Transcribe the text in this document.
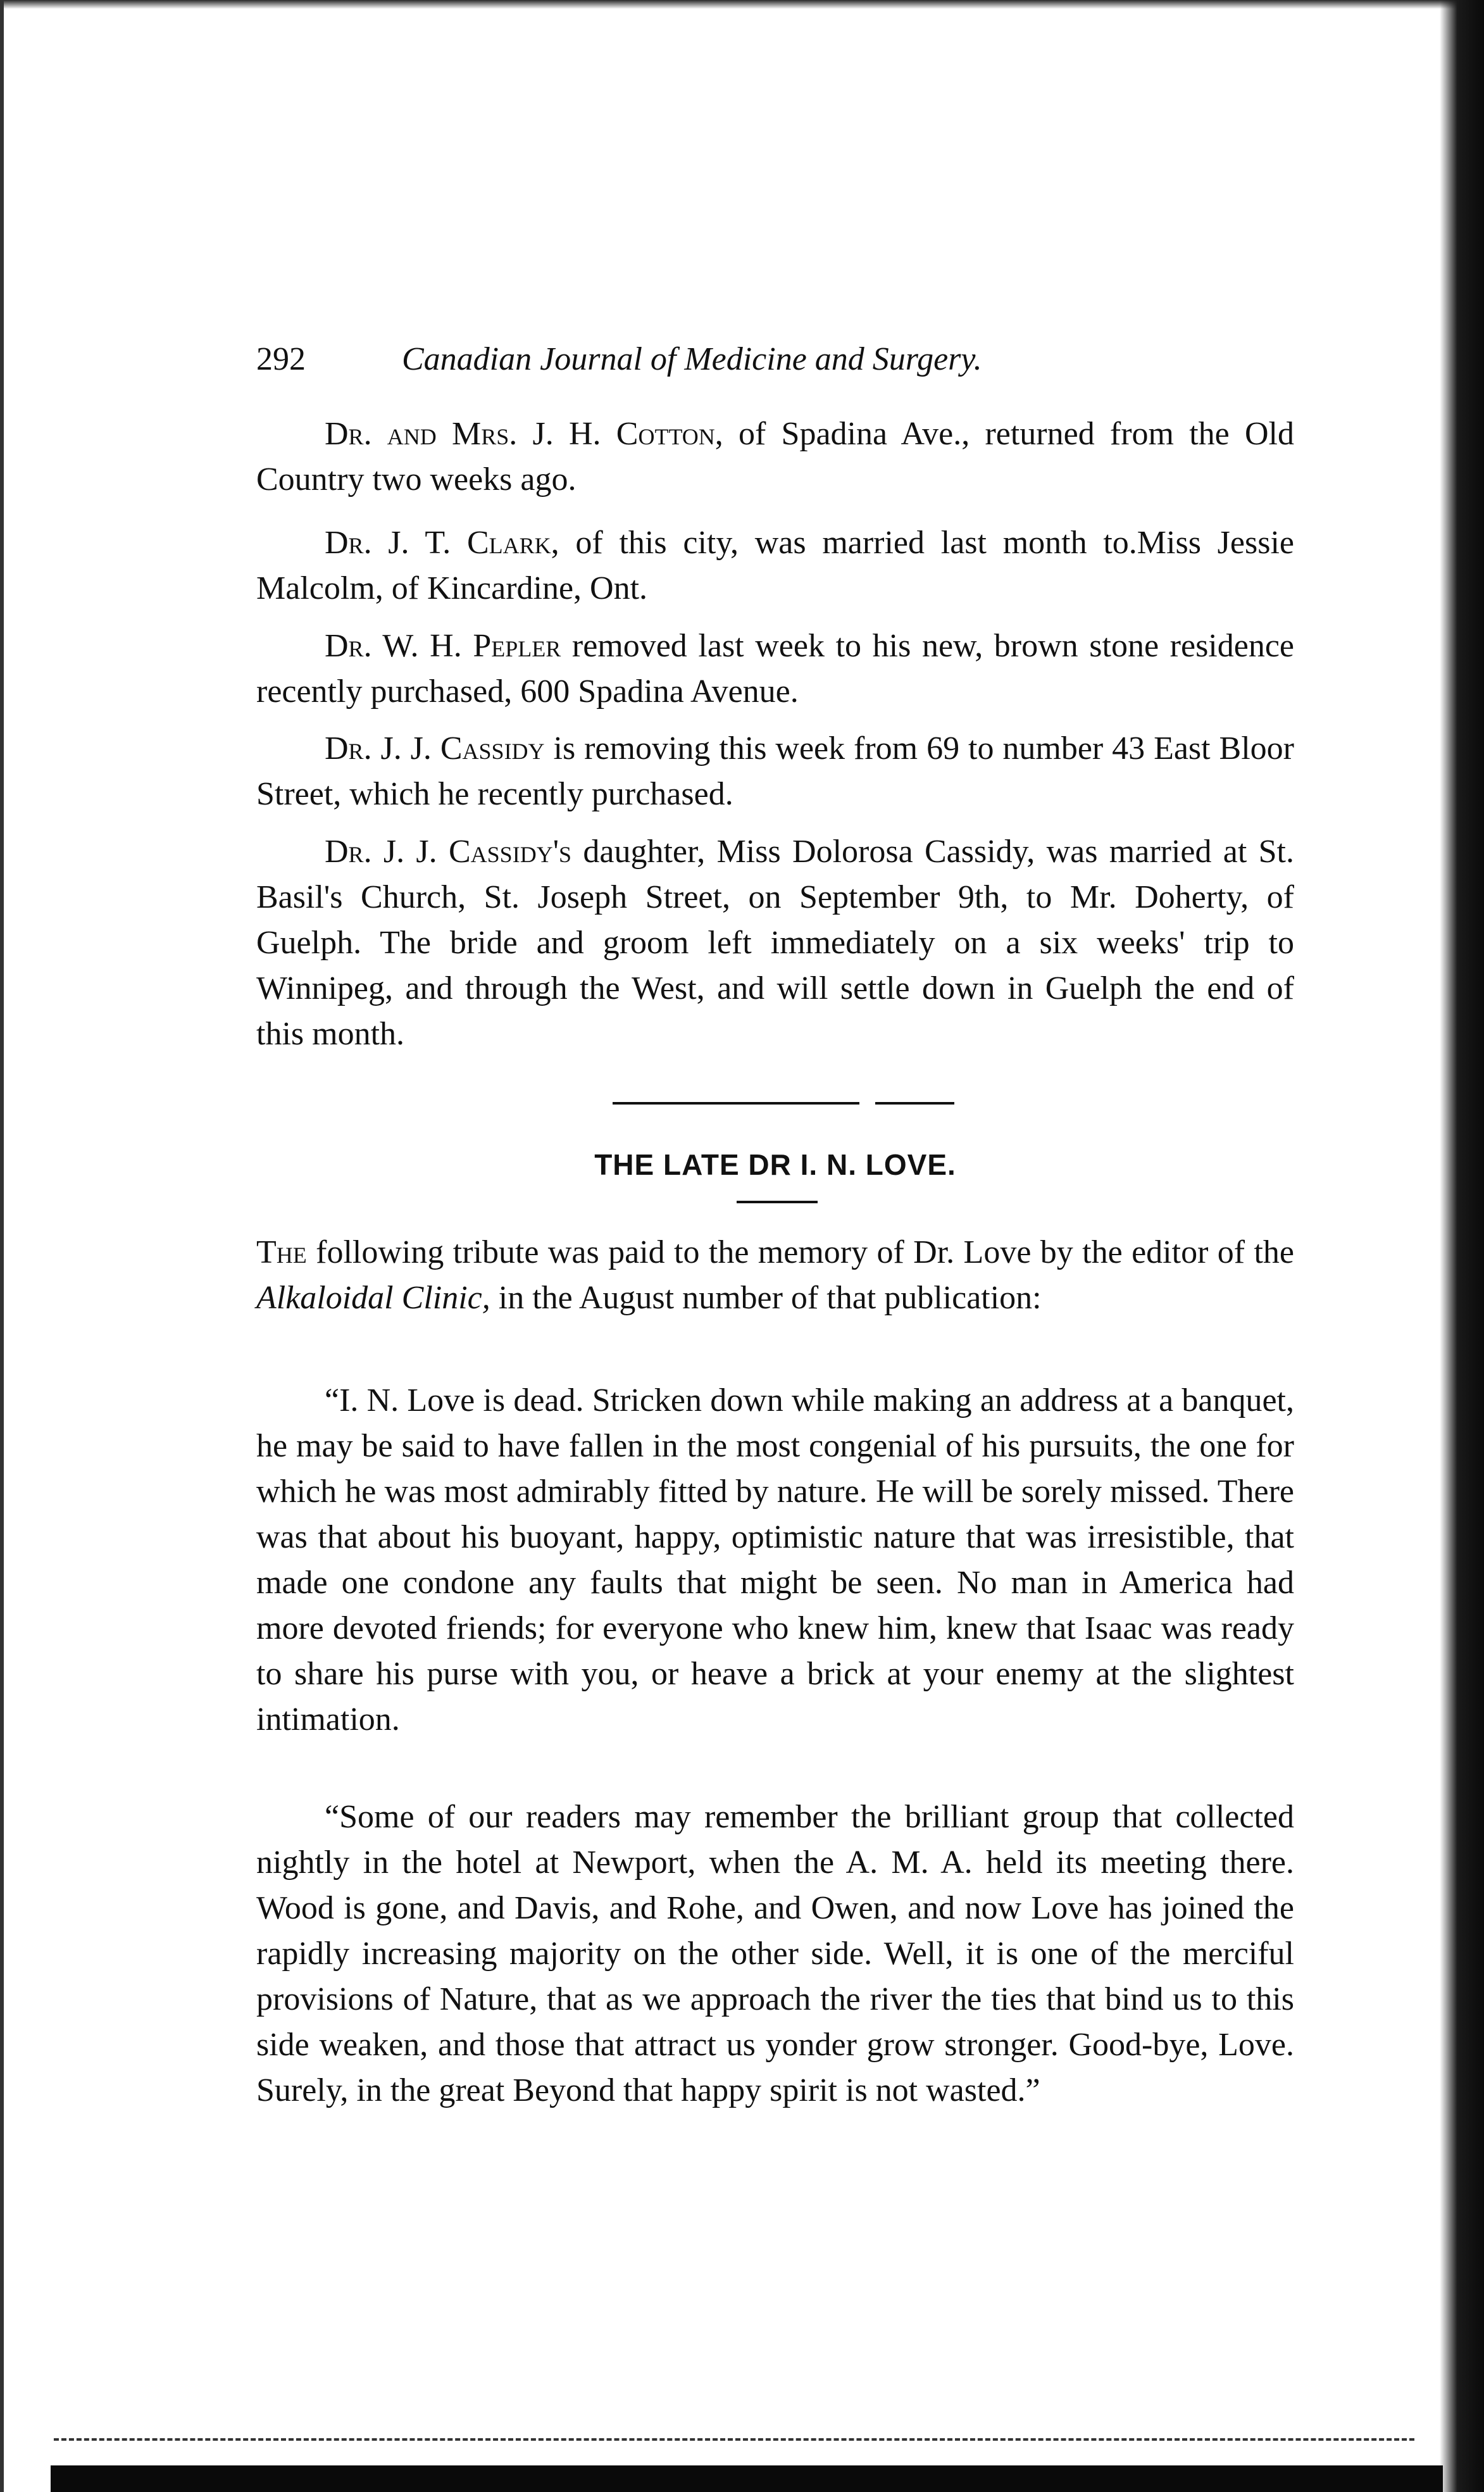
292	Canadian Journal of Medicine and Surgery.

Dr. and Mrs. J. H. Cotton, of Spadina Ave., returned from the Old Country two weeks ago.

Dr. J. T. Clark, of this city, was married last month to.Miss Jessie Malcolm, of Kincardine, Ont.

Dr. W. H. Pepler removed last week to his new, brown stone residence recently purchased, 600 Spadina Avenue.

Dr. J. J. Cassidy is removing this week from 69 to number 43 East Bloor Street, which he recently purchased.

Dr. J. J. Cassidy's daughter, Miss Dolorosa Cassidy, was married at St. Basil's Church, St. Joseph Street, on September 9th, to Mr. Doherty, of Guelph. The bride and groom left immediately on a six weeks' trip to Winnipeg, and through the West, and will settle down in Guelph the end of this month.

THE LATE DR I. N. LOVE.

The following tribute was paid to the memory of Dr. Love by the editor of the Alkaloidal Clinic, in the August number of that publication:

“I. N. Love is dead. Stricken down while making an address at a banquet, he may be said to have fallen in the most congenial of his pursuits, the one for which he was most admirably fitted by nature. He will be sorely missed. There was that about his buoyant, happy, optimistic nature that was irresistible, that made one condone any faults that might be seen. No man in America had more devoted friends; for everyone who knew him, knew that Isaac was ready to share his purse with you, or heave a brick at your enemy at the slightest intimation.

“Some of our readers may remember the brilliant group that collected nightly in the hotel at Newport, when the A. M. A. held its meeting there. Wood is gone, and Davis, and Rohe, and Owen, and now Love has joined the rapidly increasing majority on the other side. Well, it is one of the merciful provisions of Nature, that as we approach the river the ties that bind us to this side weaken, and those that attract us yonder grow stronger. Good-bye, Love. Surely, in the great Beyond that happy spirit is not wasted.”
